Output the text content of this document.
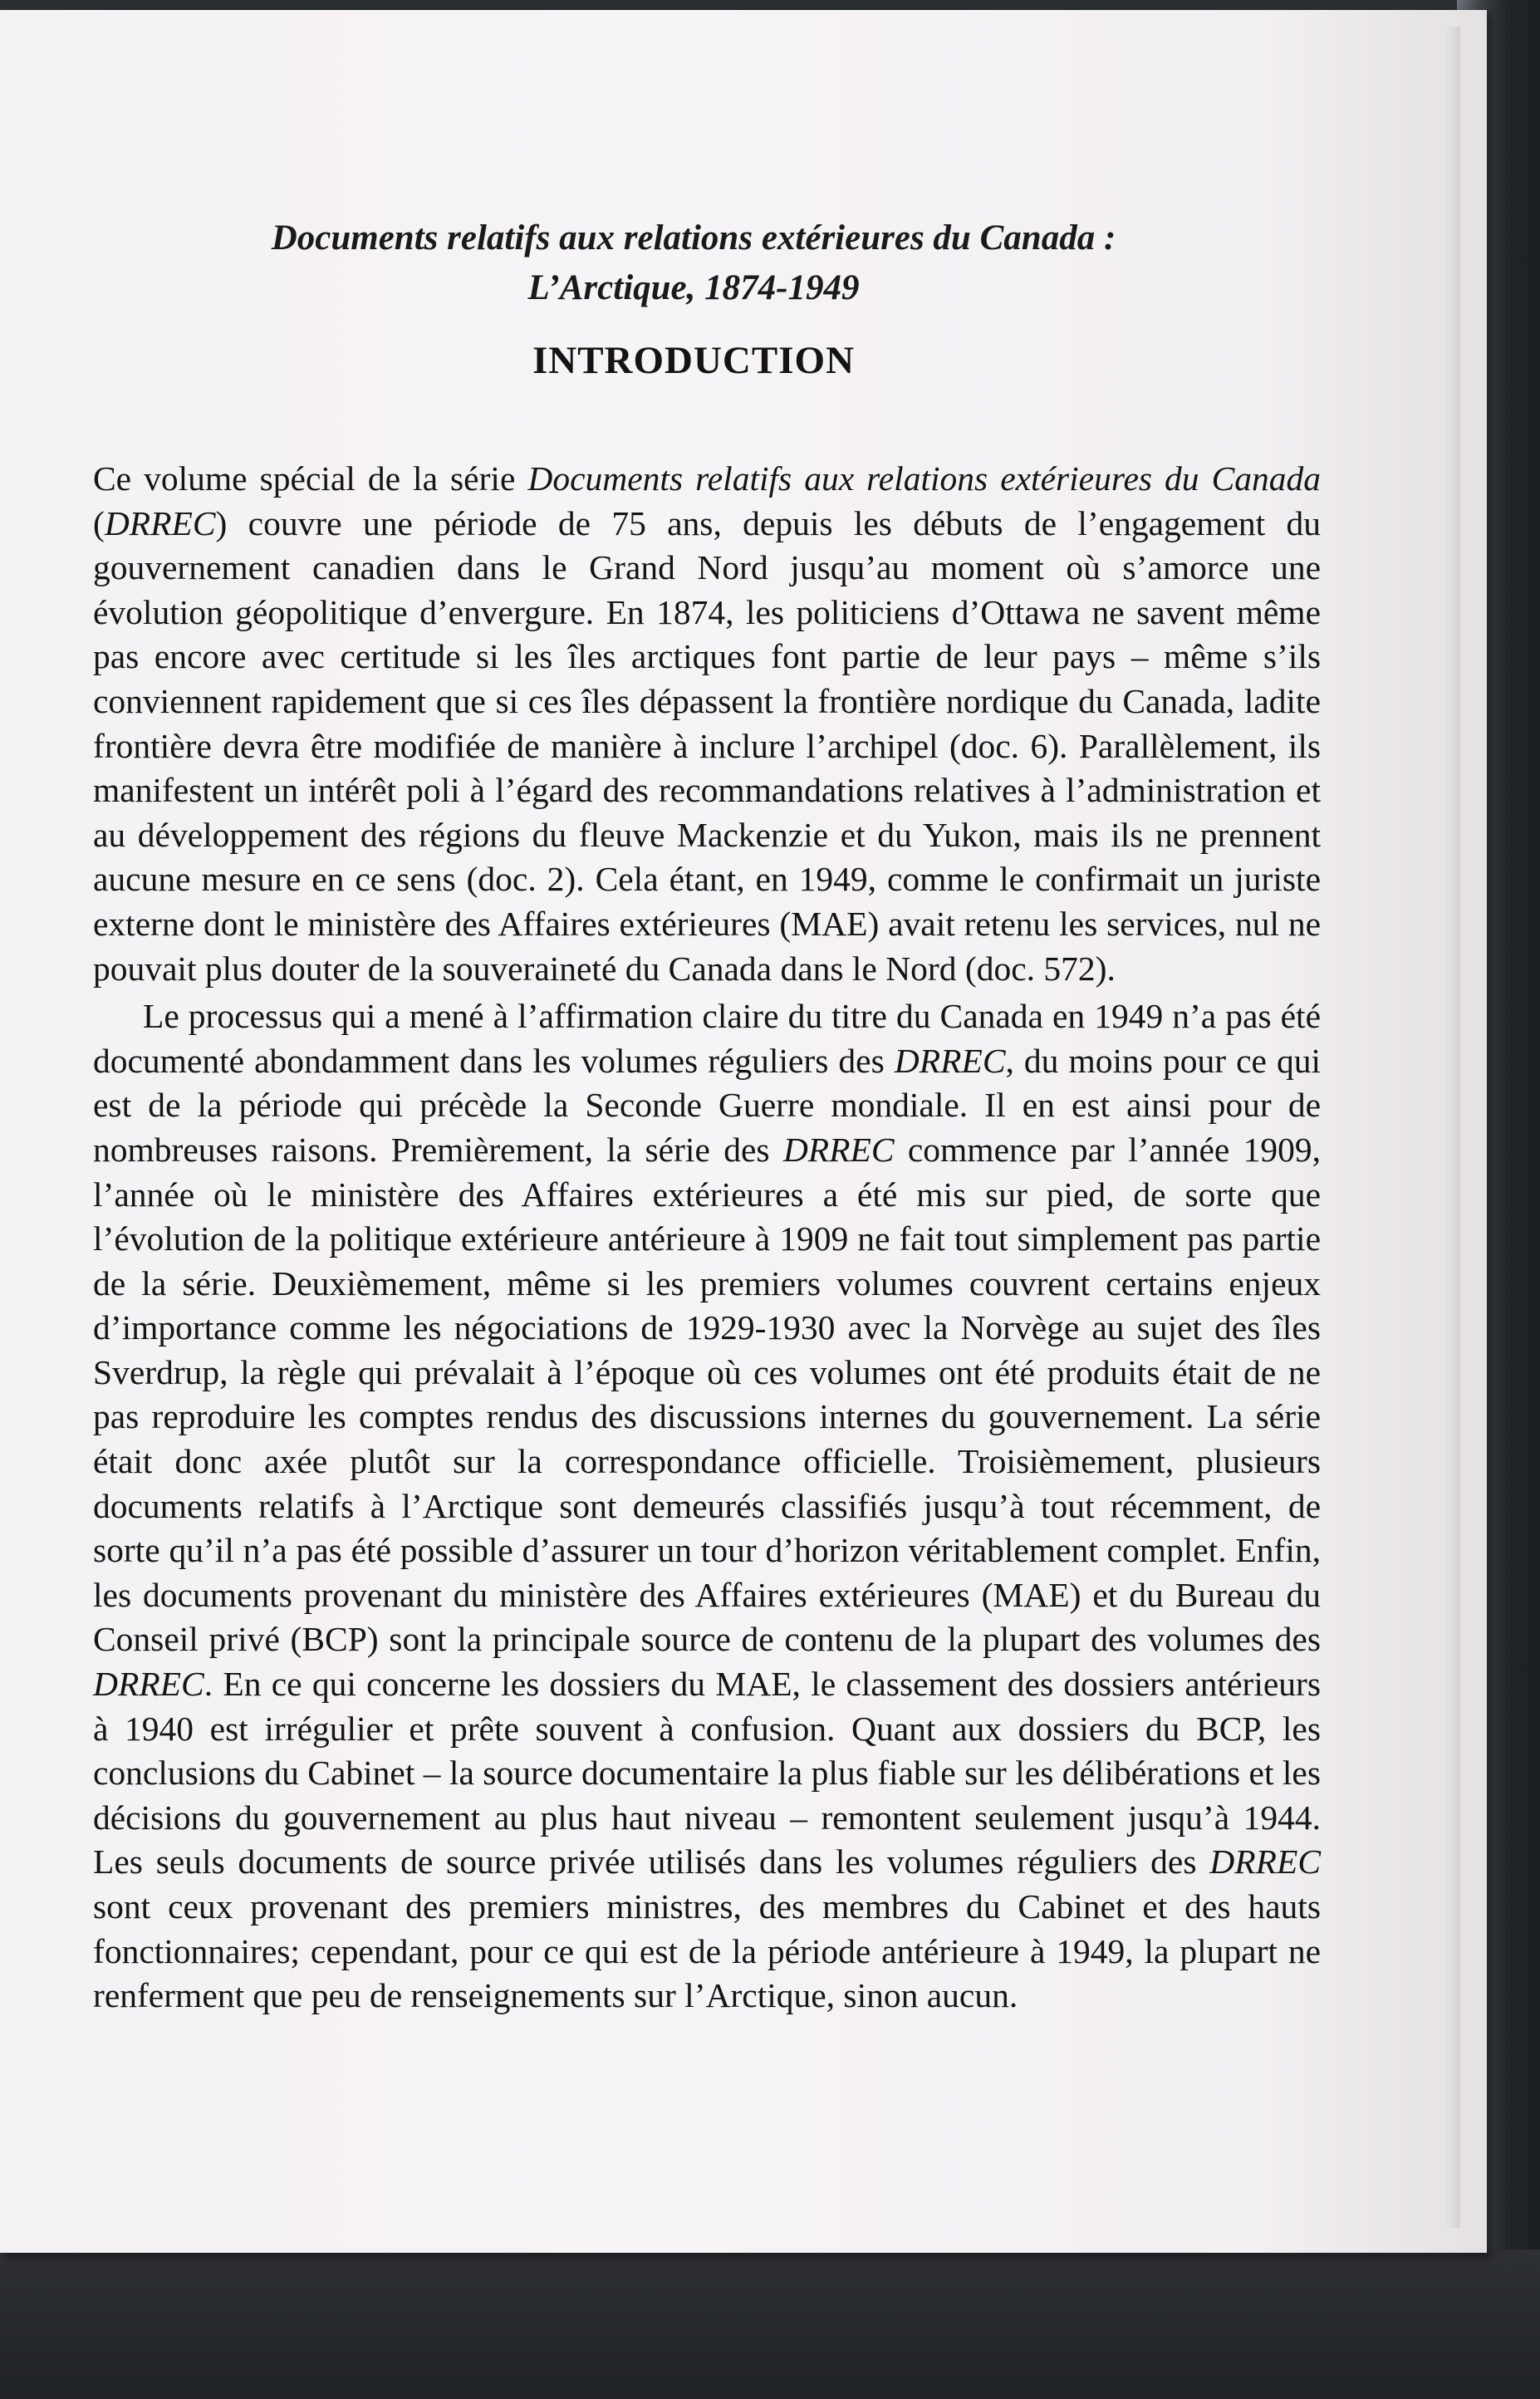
Documents relatifs aux relations extérieures du Canada :
L’Arctique, 1874-1949
INTRODUCTION

Ce volume spécial de la série Documents relatifs aux relations extérieures du Canada (DRREC) couvre une période de 75 ans, depuis les débuts de l’engagement du gouvernement canadien dans le Grand Nord jusqu’au moment où s’amorce une évolution géopolitique d’envergure. En 1874, les politiciens d’Ottawa ne savent même pas encore avec certitude si les îles arctiques font partie de leur pays – même s’ils conviennent rapidement que si ces îles dépassent la frontière nordique du Canada, ladite frontière devra être modifiée de manière à inclure l’archipel (doc. 6). Parallèlement, ils manifestent un intérêt poli à l’égard des recommandations relatives à l’administration et au développement des régions du fleuve Mackenzie et du Yukon, mais ils ne prennent aucune mesure en ce sens (doc. 2). Cela étant, en 1949, comme le confirmait un juriste externe dont le ministère des Affaires extérieures (MAE) avait retenu les services, nul ne pouvait plus douter de la souveraineté du Canada dans le Nord (doc. 572).

Le processus qui a mené à l’affirmation claire du titre du Canada en 1949 n’a pas été documenté abondamment dans les volumes réguliers des DRREC, du moins pour ce qui est de la période qui précède la Seconde Guerre mondiale. Il en est ainsi pour de nombreuses raisons. Premièrement, la série des DRREC commence par l’année 1909, l’année où le ministère des Affaires extérieures a été mis sur pied, de sorte que l’évolution de la politique extérieure antérieure à 1909 ne fait tout simplement pas partie de la série. Deuxièmement, même si les premiers volumes couvrent certains enjeux d’importance comme les négociations de 1929-1930 avec la Norvège au sujet des îles Sverdrup, la règle qui prévalait à l’époque où ces volumes ont été produits était de ne pas reproduire les comptes rendus des discussions internes du gouvernement. La série était donc axée plutôt sur la correspondance officielle. Troisièmement, plusieurs documents relatifs à l’Arctique sont demeurés classifiés jusqu’à tout récemment, de sorte qu’il n’a pas été possible d’assurer un tour d’horizon véritablement complet. Enfin, les documents provenant du ministère des Affaires extérieures (MAE) et du Bureau du Conseil privé (BCP) sont la principale source de contenu de la plupart des volumes des DRREC. En ce qui concerne les dossiers du MAE, le classement des dossiers antérieurs à 1940 est irrégulier et prête souvent à confusion. Quant aux dossiers du BCP, les conclusions du Cabinet – la source documentaire la plus fiable sur les délibérations et les décisions du gouvernement au plus haut niveau – remontent seulement jusqu’à 1944. Les seuls documents de source privée utilisés dans les volumes réguliers des DRREC sont ceux provenant des premiers ministres, des membres du Cabinet et des hauts fonctionnaires; cependant, pour ce qui est de la période antérieure à 1949, la plupart ne renferment que peu de renseignements sur l’Arctique, sinon aucun.
